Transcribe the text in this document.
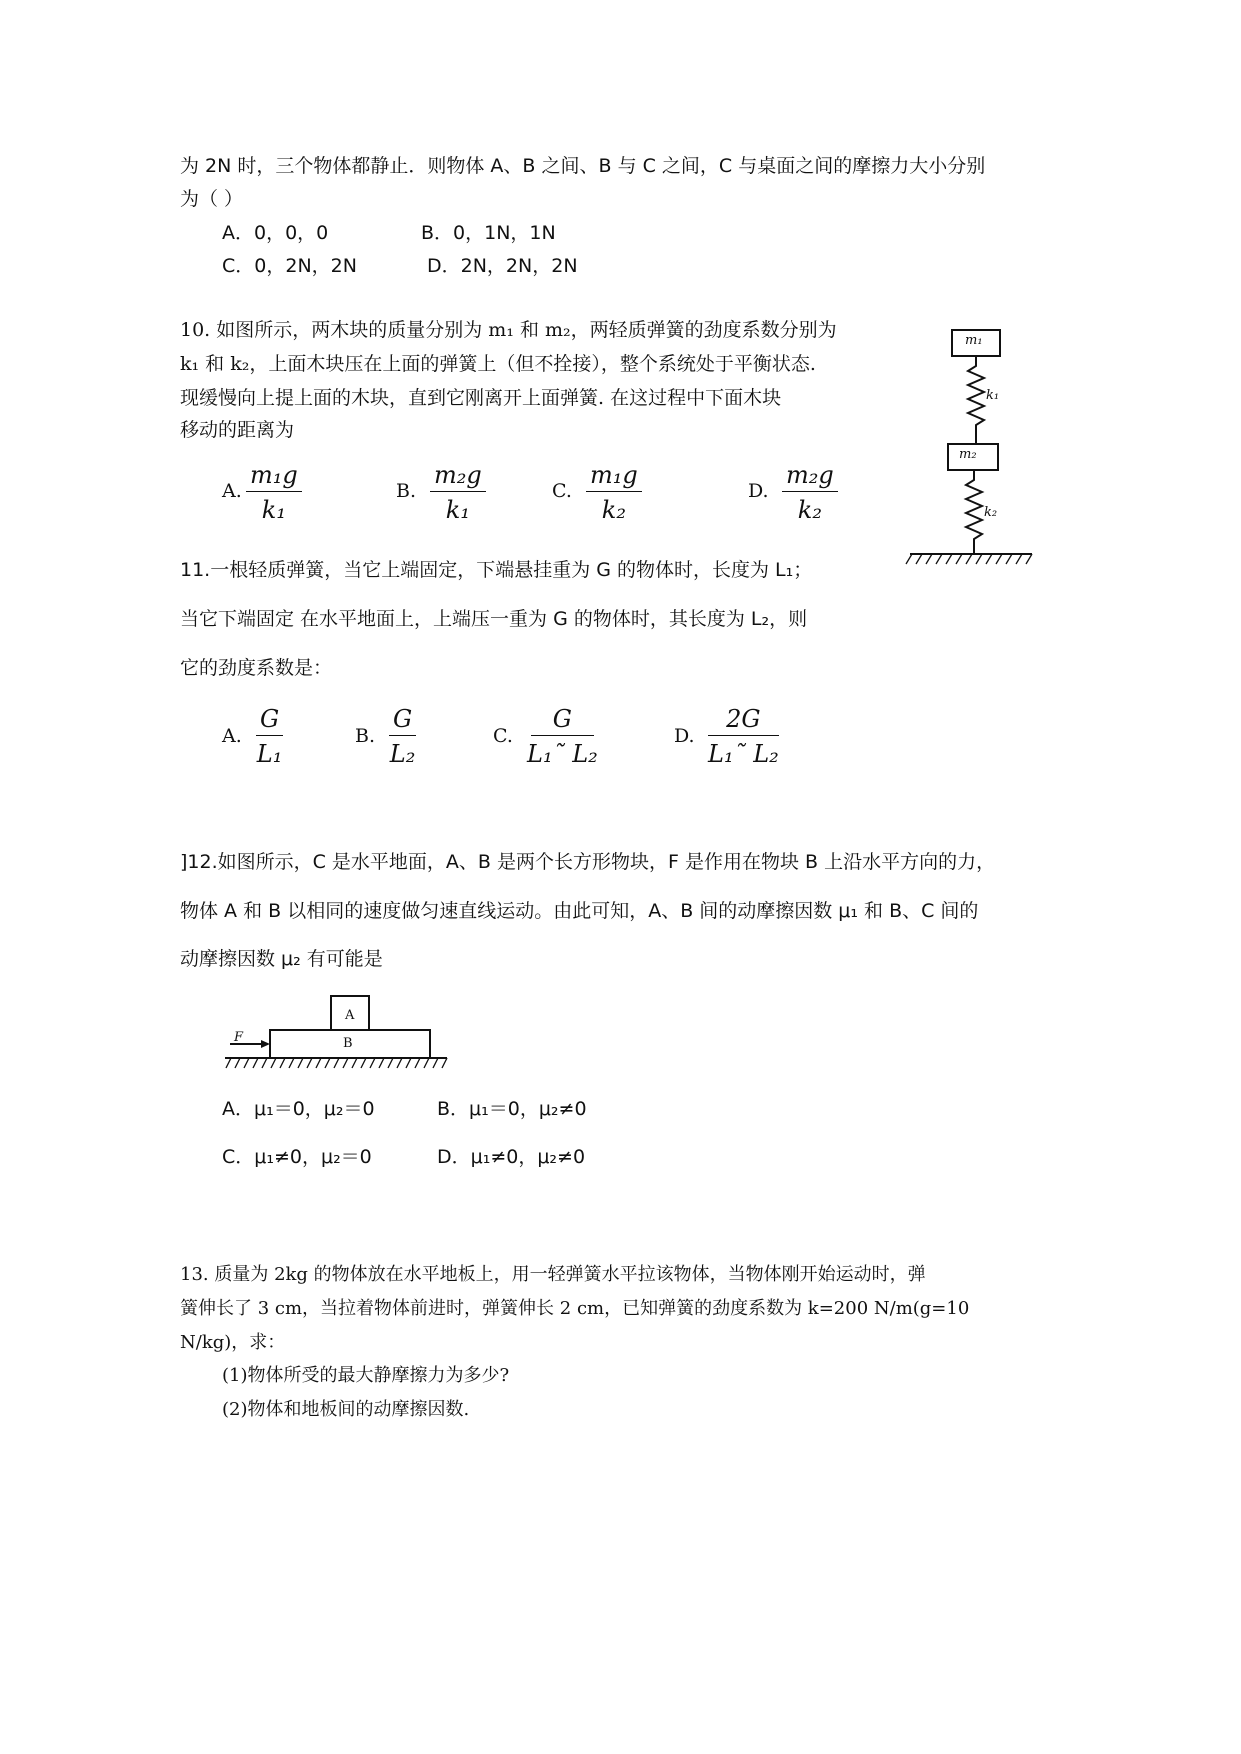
为 2N 时，三个物体都静止．则物体 A、B 之间、B 与 C 之间，C 与桌面之间的摩擦力大小分别
为（ ）
A．0，0，0	B．0，1N，1N
C．0，2N，2N	D．2N，2N，2N
10. 如图所示，两木块的质量分别为 m₁ 和 m₂，两轻质弹簧的劲度系数分别为
k₁ 和 k₂，上面木块压在上面的弹簧上（但不拴接），整个系统处于平衡状态.
现缓慢向上提上面的木块，直到它刚离开上面弹簧. 在这过程中下面木块
移动的距离为
A. $\frac{\text{m₁g}}{\text{k₁}}$	B. $\frac{\text{m₂g}}{\text{k₁}}$	C. $\frac{\text{m₁g}}{\text{k₂}}$	D. $\frac{\text{m₂g}}{\text{k₂}}$
m₁
k₁
m₂
k₂
11.一根轻质弹簧，当它上端固定，下端悬挂重为 G 的物体时，长度为 L₁；
当它下端固定 在水平地面上，上端压一重为 G 的物体时，其长度为 L₂，则
它的劲度系数是：
A. $\frac{G}{\text{L₁}}$	B. $\frac{G}{\text{L₂}}$	C. $\frac{G}{\text{L₁˜ L₂}}$	D. $\frac{2G}{\text{L₁˜ L₂}}$
]12.如图所示，C 是水平地面，A、B 是两个长方形物块，F 是作用在物块 B 上沿水平方向的力，
物体 A 和 B 以相同的速度做匀速直线运动。由此可知，A、B 间的动摩擦因数 μ₁ 和 B、C 间的
动摩擦因数 μ₂ 有可能是
A
B
F
A．μ₁＝0，μ₂＝0	B．μ₁＝0，μ₂≠0
C．μ₁≠0，μ₂＝0	D．μ₁≠0，μ₂≠0
13. 质量为 2kg 的物体放在水平地板上，用一轻弹簧水平拉该物体，当物体刚开始运动时，弹
簧伸长了 3 cm，当拉着物体前进时，弹簧伸长 2 cm，已知弹簧的劲度系数为 k=200 N/m(g=10
N/kg)，求：
(1)物体所受的最大静摩擦力为多少?
(2)物体和地板间的动摩擦因数.
